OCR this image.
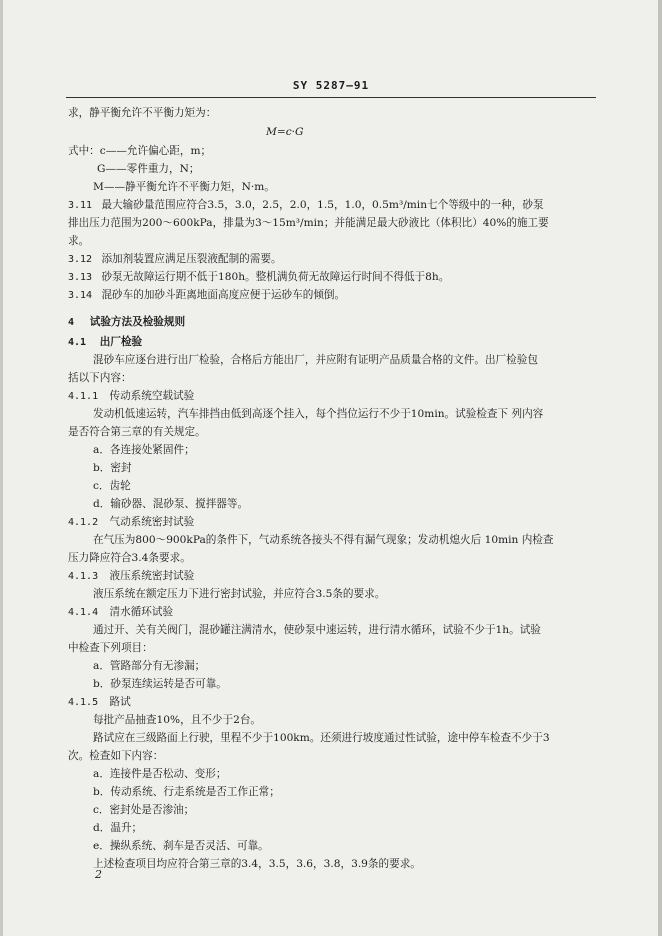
SY 5287—91
求，静平衡允许不平衡力矩为：
M=c·G
式中：c——允许偏心距，m；
G——零件重力，N；
M——静平衡允许不平衡力矩，N·m。
3.11 最大输砂量范围应符合3.5，3.0，2.5，2.0，1.5，1.0，0.5m³/min七个等级中的一种，砂泵
排出压力范围为200～600kPa，排量为3～15m³/min；并能满足最大砂液比（体积比）40%的施工要
求。
3.12 添加剂装置应满足压裂液配制的需要。
3.13 砂泵无故障运行期不低于180h。整机满负荷无故障运行时间不得低于8h。
3.14 混砂车的加砂斗距离地面高度应便于运砂车的倾倒。
4 试验方法及检验规则
4.1 出厂检验
混砂车应逐台进行出厂检验，合格后方能出厂，并应附有证明产品质量合格的文件。出厂检验包
括以下内容：
4.1.1 传动系统空载试验
发动机低速运转，汽车排挡由低到高逐个挂入，每个挡位运行不少于10min。试验检查下 列内容
是否符合第三章的有关规定。
a．各连接处紧固件；
b．密封
c．齿轮
d．输砂器、混砂泵、搅拌器等。
4.1.2 气动系统密封试验
在气压为800～900kPa的条件下，气动系统各接头不得有漏气现象；发动机熄火后 10min 内检查
压力降应符合3.4条要求。
4.1.3 液压系统密封试验
液压系统在额定压力下进行密封试验，并应符合3.5条的要求。
4.1.4 清水循环试验
通过开、关有关阀门，混砂罐注满清水，使砂泵中速运转，进行清水循环，试验不少于1h。试验
中检查下列项目：
a．管路部分有无渗漏；
b．砂泵连续运转是否可靠。
4.1.5 路试
每批产品抽查10%，且不少于2台。
路试应在三级路面上行驶，里程不少于100km。还须进行坡度通过性试验，途中停车检查不少于3
次。检查如下内容：
a．连接件是否松动、变形；
b．传动系统、行走系统是否工作正常；
c．密封处是否渗油；
d．温升；
e．操纵系统、刹车是否灵活、可靠。
上述检查项目均应符合第三章的3.4，3.5，3.6，3.8，3.9条的要求。
2
